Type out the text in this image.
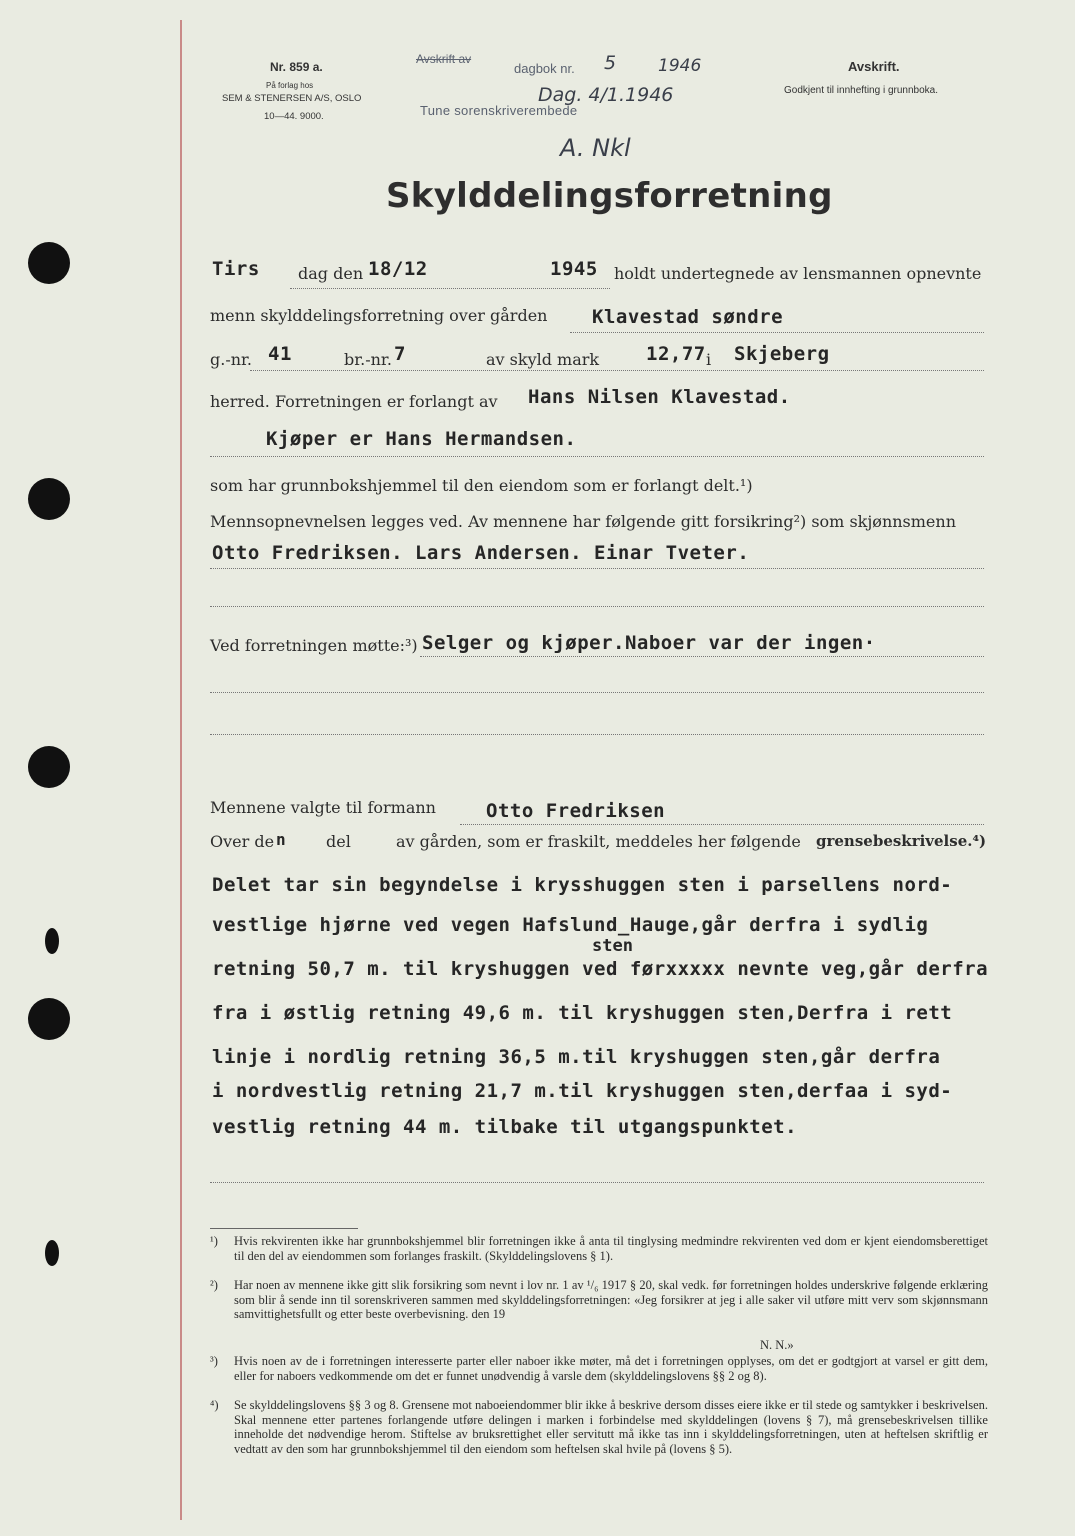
Nr. 859 a.
På forlag hos
SEM & STENERSEN A/S, OSLO
10—44. 9000.
Avskrift av
dagbok nr. 5 1946
Dag. 4/1.1946
Tune sorenskriverembede
A. Nkl
Avskrift.
Godkjent til innhefting i grunnboka.
Skylddelingsforretning
Tirs dag den 18/12	1945 holdt undertegnede av lensmannen opnevnte
menn skylddelingsforretning over gården Klavestad søndre
g.-nr. 41	br.-nr. 7	av skyld mark 12,77 i Skjeberg
herred. Forretningen er forlangt av Hans Nilsen Klavestad.
Kjøper er Hans Hermandsen.
som har grunnbokshjemmel til den eiendom som er forlangt delt.¹)
Mennsopnevnelsen legges ved. Av mennene har følgende gitt forsikring²) som skjønnsmenn
Otto Fredriksen. Lars Andersen. Einar Tveter.
Ved forretningen møtte:³) Selger og kjøper.Naboer var der ingen·
Mennene valgte til formann	Otto Fredriksen
Over de n	del	av gården, som er fraskilt, meddeles her følgende grensebeskrivelse.⁴)
Delet tar sin begyndelse i krysshuggen sten i parsellens nord-
vestlige hjørne ved vegen Hafslund_Hauge,går derfra i sydlig
sten
retning 50,7 m. til kryshuggen ved førxxxxx nevnte veg,går derfra
fra i østlig retning 49,6 m. til kryshuggen sten,Derfra i rett
linje i nordlig retning 36,5 m.til kryshuggen sten,går derfra
i nordvestlig retning 21,7 m.til kryshuggen sten,derfaa i syd-
vestlig retning 44 m. tilbake til utgangspunktet.
¹) Hvis rekvirenten ikke har grunnbokshjemmel blir forretningen ikke å anta til tinglysing medmindre rekvirenten ved dom er kjent eiendomsberettiget til den del av eiendommen som forlanges fraskilt. (Skylddelingslovens § 1).
²) Har noen av mennene ikke gitt slik forsikring som nevnt i lov nr. 1 av ¹/₆ 1917 § 20, skal vedk. før forretningen holdes underskrive følgende erklæring som blir å sende inn til sorenskriveren sammen med skylddelingsforretningen: «Jeg forsikrer at jeg i alle saker vil utføre mitt verv som skjønnsmann samvittighetsfullt og etter beste overbevisning. den 19
N. N.»
³) Hvis noen av de i forretningen interesserte parter eller naboer ikke møter, må det i forretningen opplyses, om det er godtgjort at varsel er gitt dem, eller for naboers vedkommende om det er funnet unødvendig å varsle dem (skylddelingslovens §§ 2 og 8).
⁴) Se skylddelingslovens §§ 3 og 8. Grensene mot naboeiendommer blir ikke å beskrive dersom disses eiere ikke er til stede og samtykker i beskrivelsen. Skal mennene etter partenes forlangende utføre delingen i marken i forbindelse med skylddelingen (lovens § 7), må grensebeskrivelsen tillike inneholde det nødvendige herom. Stiftelse av bruksrettighet eller servitutt må ikke tas inn i skylddelingsforretningen, uten at heftelsen skriftlig er vedtatt av den som har grunnbokshjemmel til den eiendom som heftelsen skal hvile på (lovens § 5).
